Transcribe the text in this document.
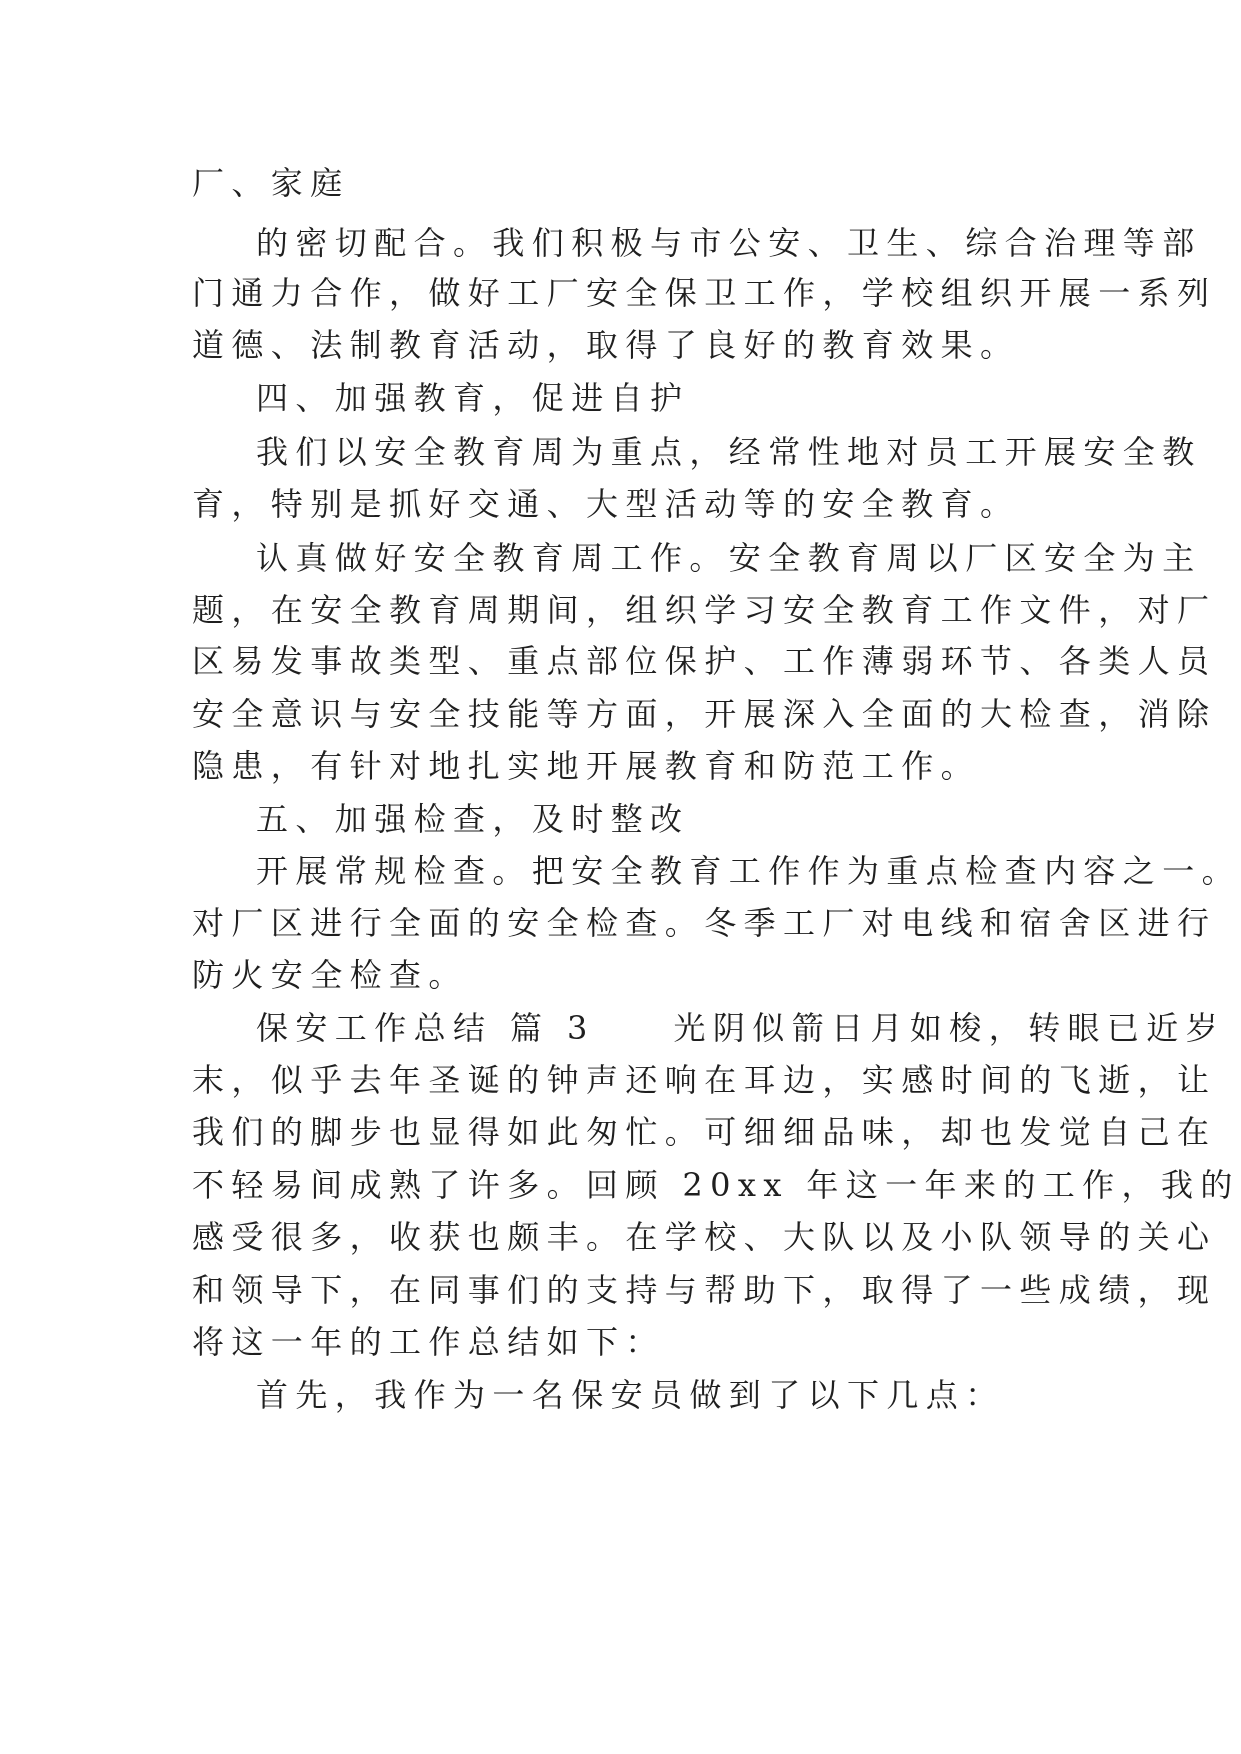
厂、家庭
的密切配合。我们积极与市公安、卫生、综合治理等部
门通力合作，做好工厂安全保卫工作，学校组织开展一系列
道德、法制教育活动，取得了良好的教育效果。
四、加强教育，促进自护
我们以安全教育周为重点，经常性地对员工开展安全教
育，特别是抓好交通、大型活动等的安全教育。
认真做好安全教育周工作。安全教育周以厂区安全为主
题，在安全教育周期间，组织学习安全教育工作文件，对厂
区易发事故类型、重点部位保护、工作薄弱环节、各类人员
安全意识与安全技能等方面，开展深入全面的大检查，消除
隐患，有针对地扎实地开展教育和防范工作。
五、加强检查，及时整改
开展常规检查。把安全教育工作作为重点检查内容之一。
对厂区进行全面的安全检查。冬季工厂对电线和宿舍区进行
防火安全检查。
保安工作总结 篇 3　　光阴似箭日月如梭，转眼已近岁
末，似乎去年圣诞的钟声还响在耳边，实感时间的飞逝，让
我们的脚步也显得如此匆忙。可细细品味，却也发觉自己在
不轻易间成熟了许多。回顾 20xx 年这一年来的工作，我的
感受很多，收获也颇丰。在学校、大队以及小队领导的关心
和领导下，在同事们的支持与帮助下，取得了一些成绩，现
将这一年的工作总结如下：
首先，我作为一名保安员做到了以下几点：
